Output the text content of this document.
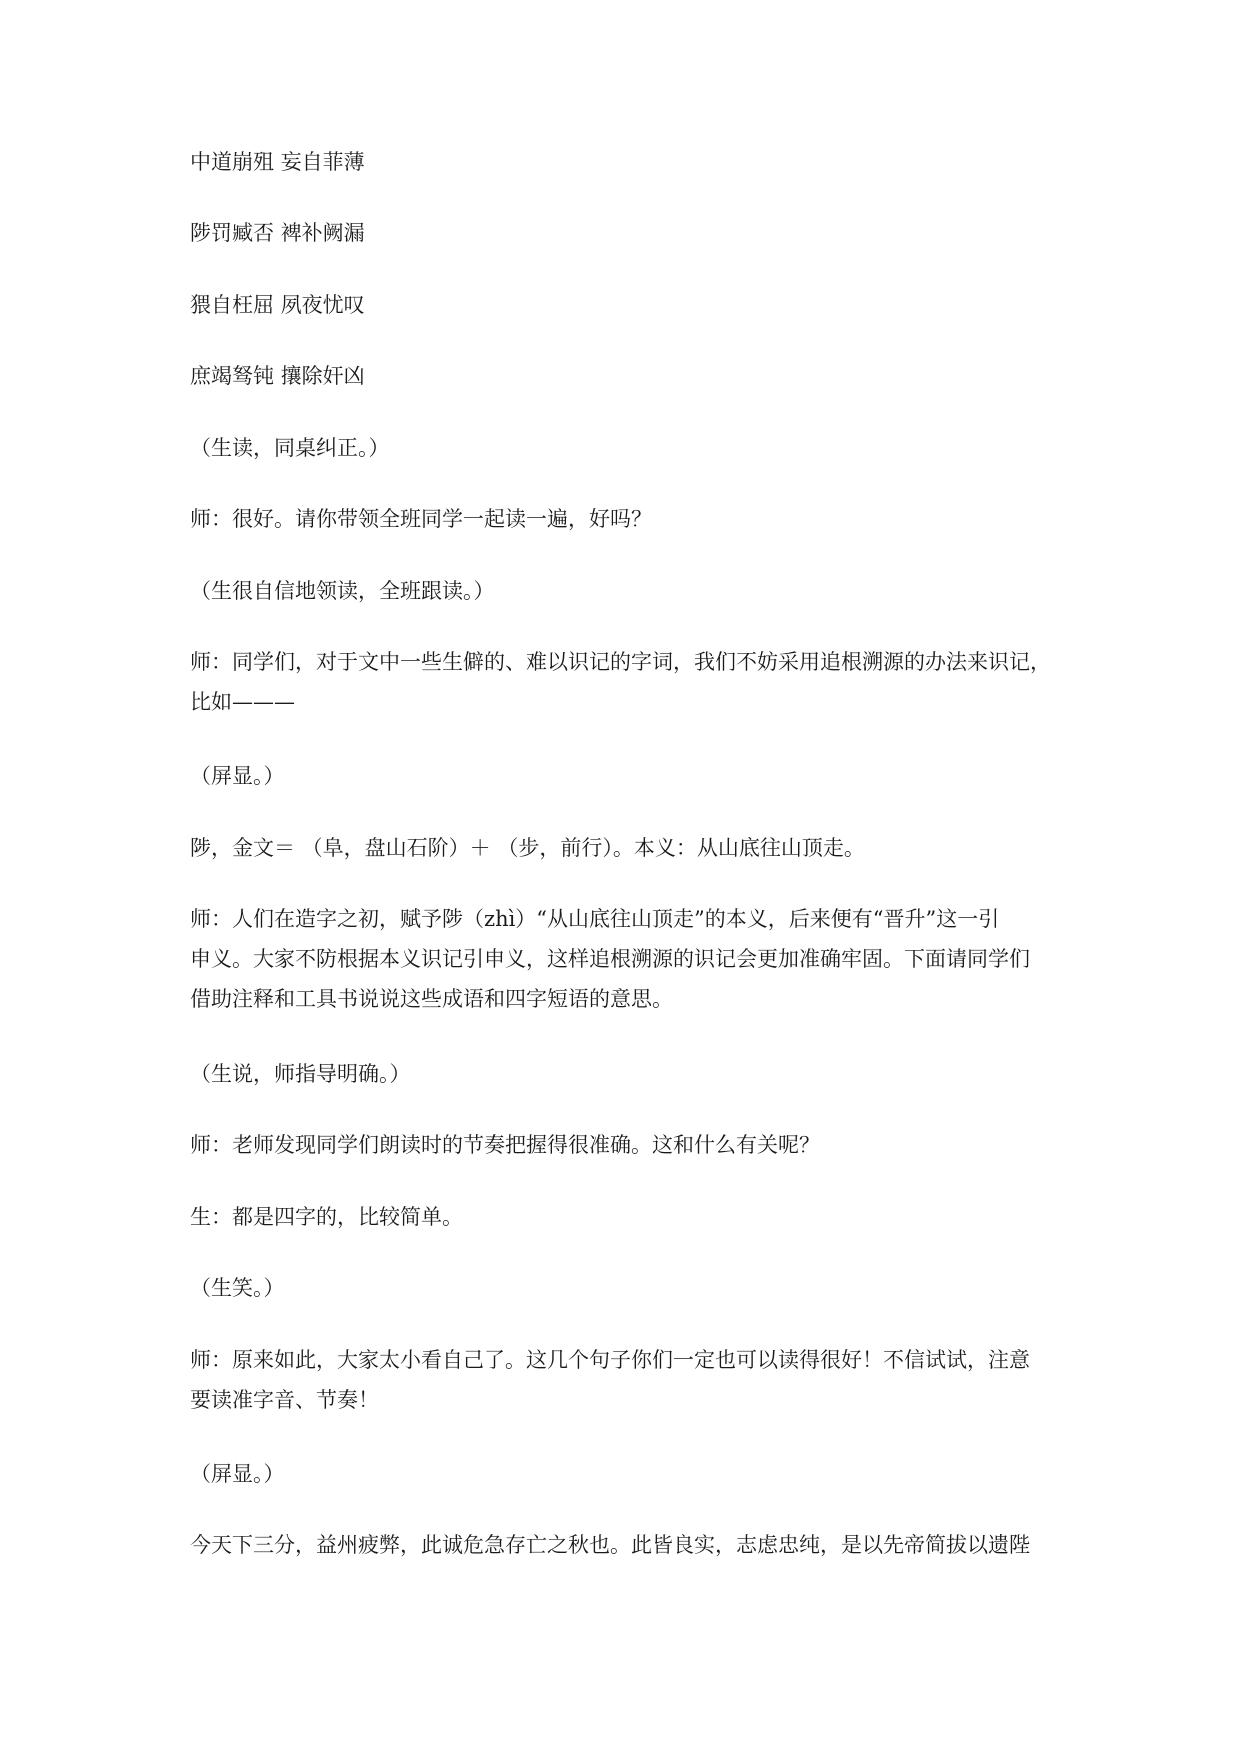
中道崩殂 妄自菲薄

陟罚臧否 裨补阙漏

猥自枉屈 夙夜忧叹

庶竭驽钝 攘除奸凶

（生读，同桌纠正。）

师：很好。请你带领全班同学一起读一遍，好吗？

（生很自信地领读，全班跟读。）

师：同学们，对于文中一些生僻的、难以识记的字词，我们不妨采用追根溯源的办法来识记，
比如———

（屏显。）

陟，金文＝ （阜，盘山石阶）＋ （步，前行）。本义：从山底往山顶走。

师：人们在造字之初，赋予陟（zhì）“从山底往山顶走”的本义，后来便有“晋升”这一引
申义。大家不防根据本义识记引申义，这样追根溯源的识记会更加准确牢固。下面请同学们
借助注释和工具书说说这些成语和四字短语的意思。

（生说，师指导明确。）

师：老师发现同学们朗读时的节奏把握得很准确。这和什么有关呢？

生：都是四字的，比较简单。

（生笑。）

师：原来如此，大家太小看自己了。这几个句子你们一定也可以读得很好！不信试试，注意
要读准字音、节奏！

（屏显。）

今天下三分，益州疲弊，此诚危急存亡之秋也。此皆良实，志虑忠纯，是以先帝简拔以遗陛
